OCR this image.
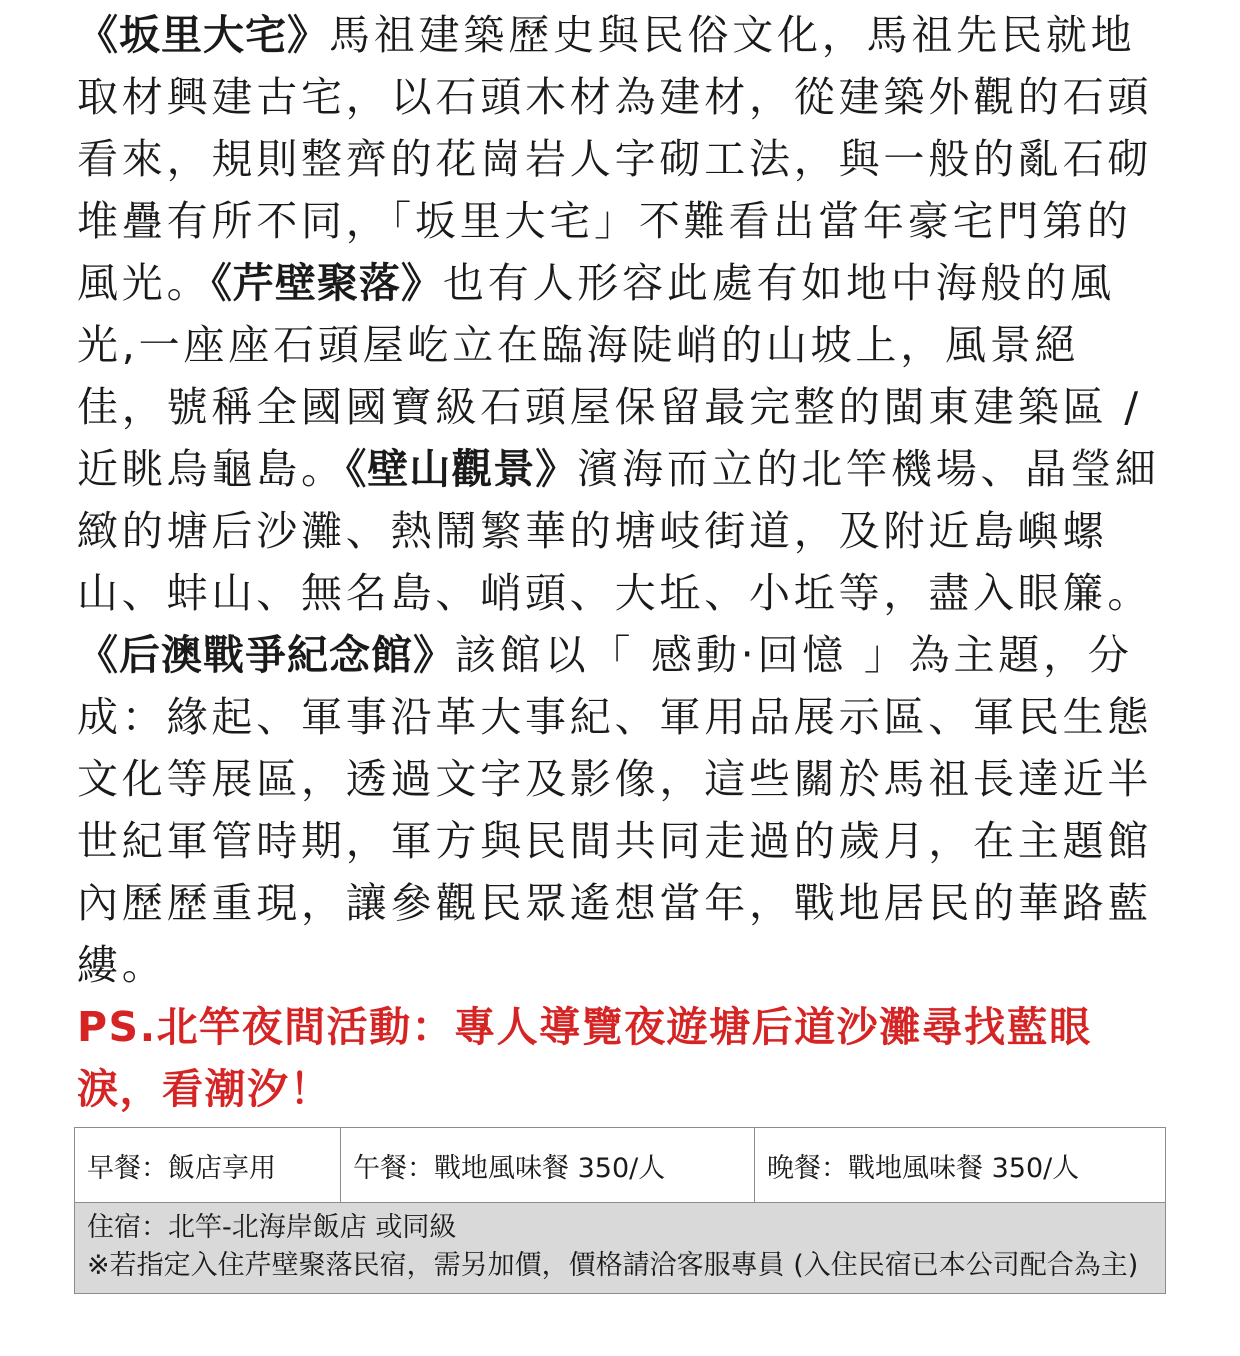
《坂里大宅》馬祖建築歷史與民俗文化，馬祖先民就地取材興建古宅，以石頭木材為建材，從建築外觀的石頭看來，規則整齊的花崗岩人字砌工法，與一般的亂石砌堆疊有所不同，「坂里大宅」不難看出當年豪宅門第的風光。《芹壁聚落》也有人形容此處有如地中海般的風光,一座座石頭屋屹立在臨海陡峭的山坡上，風景絕佳，號稱全國國寶級石頭屋保留最完整的閩東建築區 / 近眺烏龜島。《壁山觀景》濱海而立的北竿機場、晶瑩細緻的塘后沙灘、熱鬧繁華的塘岐街道，及附近島嶼螺山、蚌山、無名島、峭頭、大坵、小坵等，盡入眼簾。《后澳戰爭紀念館》該館以「 感動‧回憶 」為主題，分成：緣起、軍事沿革大事紀、軍用品展示區、軍民生態文化等展區，透過文字及影像，這些關於馬祖長達近半世紀軍管時期，軍方與民間共同走過的歲月，在主題館內歷歷重現，讓參觀民眾遙想當年，戰地居民的華路藍縷。

PS.北竿夜間活動：專人導覽夜遊塘后道沙灘尋找藍眼淚，看潮汐！

早餐：飯店享用	午餐：戰地風味餐 350/人	晚餐：戰地風味餐 350/人

住宿：北竿-北海岸飯店 或同級
※若指定入住芹壁聚落民宿，需另加價，價格請洽客服專員 (入住民宿已本公司配合為主)
